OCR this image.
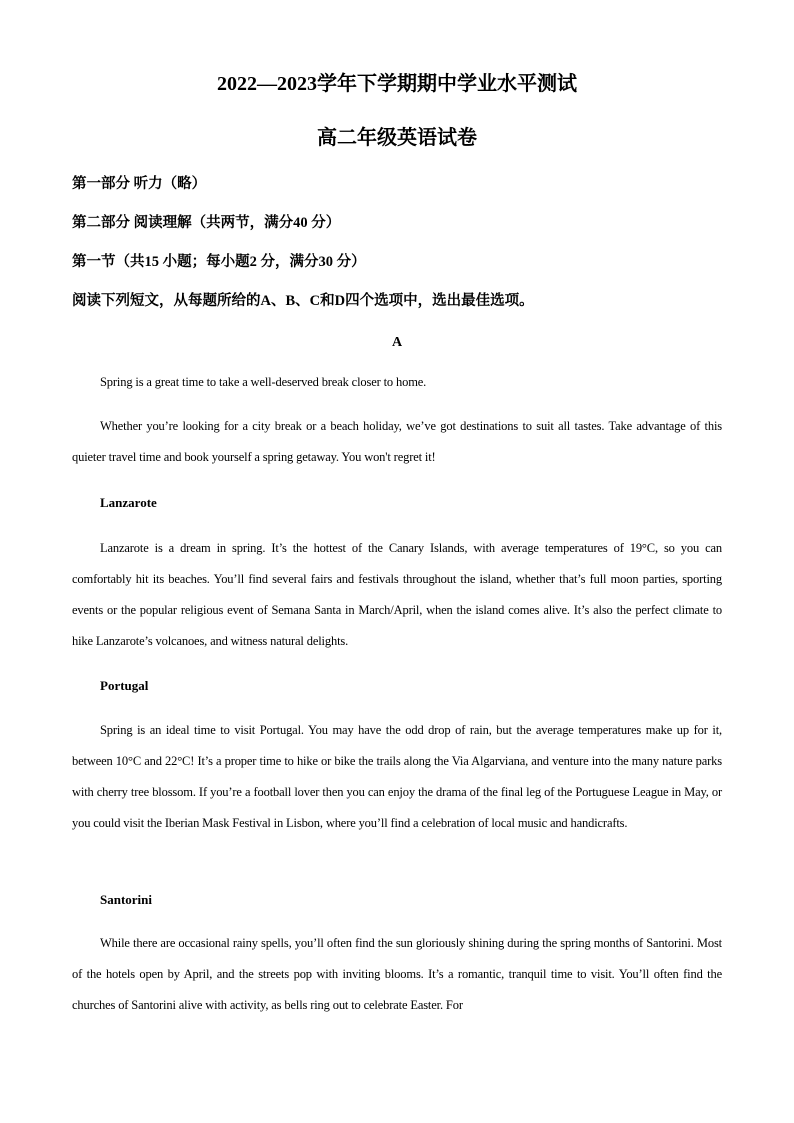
2022—2023学年下学期期中学业水平测试
高二年级英语试卷

第一部分 听力（略）

第二部分 阅读理解（共两节，满分40 分）

第一节（共15 小题；每小题2 分，满分30 分）

阅读下列短文，从每题所给的A、B、C和D四个选项中，选出最佳选项。

A

Spring is a great time to take a well-deserved break closer to home.

Whether you’re looking for a city break or a beach holiday, we’ve got destinations to suit all tastes. Take advantage of this quieter travel time and book yourself a spring getaway. You won't regret it!

Lanzarote

Lanzarote is a dream in spring. It’s the hottest of the Canary Islands, with average temperatures of 19°C, so you can comfortably hit its beaches. You’ll find several fairs and festivals throughout the island, whether that’s full moon parties, sporting events or the popular religious event of Semana Santa in March/April, when the island comes alive. It’s also the perfect climate to hike Lanzarote’s volcanoes, and witness natural delights.

Portugal

Spring is an ideal time to visit Portugal. You may have the odd drop of rain, but the average temperatures make up for it, between 10°C and 22°C! It’s a proper time to hike or bike the trails along the Via Algarviana, and venture into the many nature parks with cherry tree blossom. If you’re a football lover then you can enjoy the drama of the final leg of the Portuguese League in May, or you could visit the Iberian Mask Festival in Lisbon, where you’ll find a celebration of local music and handicrafts.

Santorini

While there are occasional rainy spells, you’ll often find the sun gloriously shining during the spring months of Santorini. Most of the hotels open by April, and the streets pop with inviting blooms. It’s a romantic, tranquil time to visit. You’ll often find the churches of Santorini alive with activity, as bells ring out to celebrate Easter. For
